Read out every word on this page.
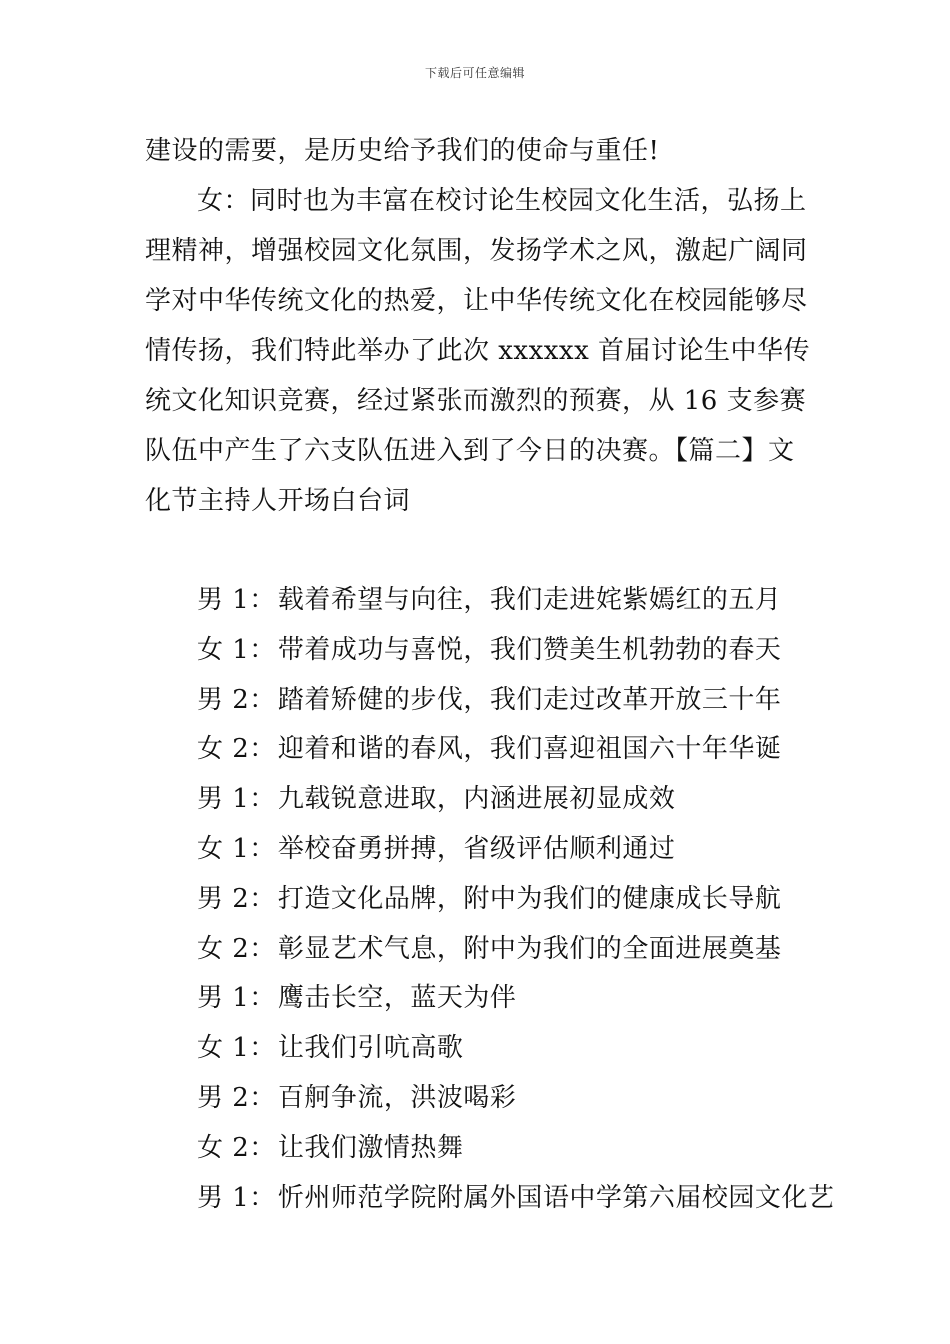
下载后可任意编辑

建设的需要，是历史给予我们的使命与重任!

女：同时也为丰富在校讨论生校园文化生活，弘扬上理精神，增强校园文化氛围，发扬学术之风，激起广阔同学对中华传统文化的热爱，让中华传统文化在校园能够尽情传扬，我们特此举办了此次 xxxxxx 首届讨论生中华传统文化知识竞赛，经过紧张而激烈的预赛，从 16 支参赛队伍中产生了六支队伍进入到了今日的决赛。【篇二】文化节主持人开场白台词

男 1：载着希望与向往，我们走进姹紫嫣红的五月
女 1：带着成功与喜悦，我们赞美生机勃勃的春天
男 2：踏着矫健的步伐，我们走过改革开放三十年
女 2：迎着和谐的春风，我们喜迎祖国六十年华诞
男 1：九载锐意进取，内涵进展初显成效
女 1：举校奋勇拼搏，省级评估顺利通过
男 2：打造文化品牌，附中为我们的健康成长导航
女 2：彰显艺术气息，附中为我们的全面进展奠基
男 1：鹰击长空，蓝天为伴
女 1：让我们引吭高歌
男 2：百舸争流，洪波喝彩
女 2：让我们激情热舞
男 1：忻州师范学院附属外国语中学第六届校园文化艺
